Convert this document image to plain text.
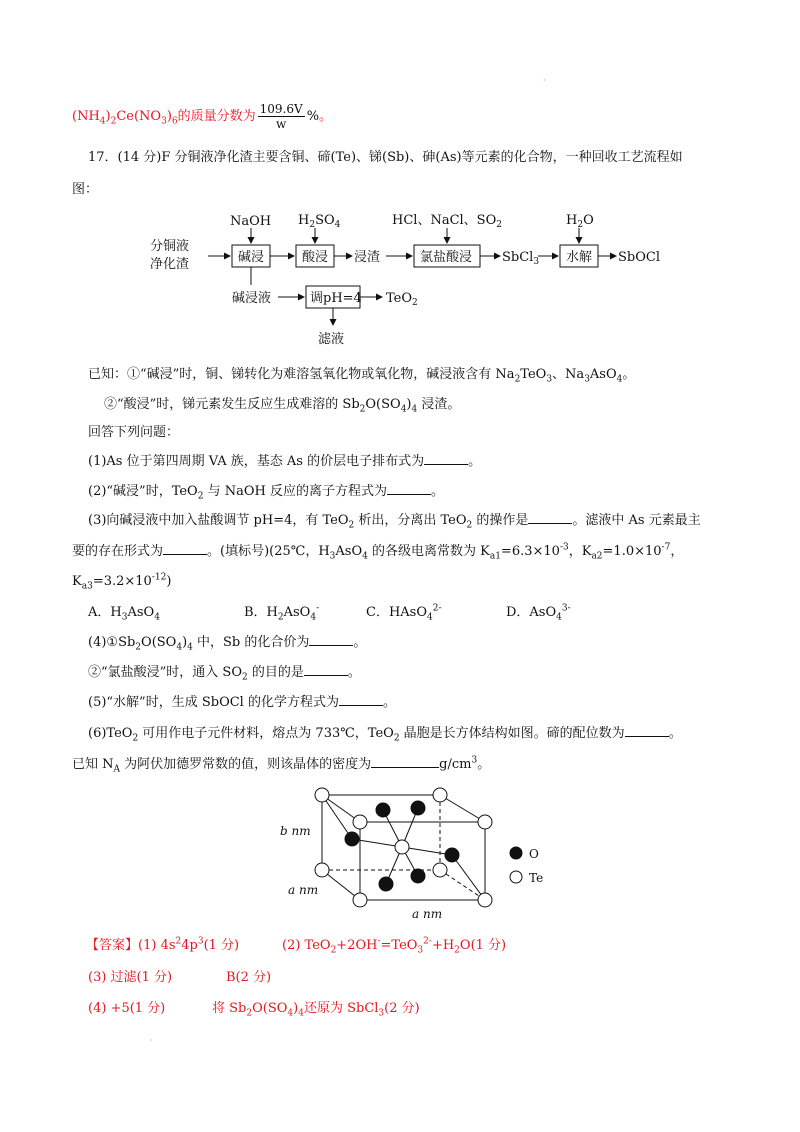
·
$(NH_4)_2Ce(NO_3)_6$的质量分数为 $\frac{109.6V}{w}$ %。
17．(14 分)F 分铜液净化渣主要含铜、碲(Te)、锑(Sb)、砷(As)等元素的化合物，一种回收工艺流程如
图：
分铜液
净化渣	碱浸
NaOH
酸浸
$H_2SO_4$
浸渣	氯盐酸浸
HCl、NaCl、$SO_2$
SbCl$_3$ 水解
$H_2O$
SbOCl
碱浸液	调pH=4 TeO$_2$
滤液
已知：①“碱浸”时，铜、锑转化为难溶氢氧化物或氧化物，碱浸液含有 $Na_2TeO_3$、$Na_3AsO_4$。
②“酸浸”时，锑元素发生反应生成难溶的 $Sb_2O(SO_4)_4$ 浸渣。
回答下列问题：
(1)As 位于第四周期 VA 族，基态 As 的价层电子排布式为	。
(2)“碱浸”时，TeO$_2$ 与 NaOH 反应的离子方程式为	。
(3)向碱浸液中加入盐酸调节 pH=4，有 TeO$_2$ 析出，分离出 TeO$_2$ 的操作是	。滤液中 As 元素最主
要的存在形式为	。(填标号)(25℃，$H_3AsO_4$ 的各级电离常数为 $K_{a1}=6.3\times 10^{-3}$，$K_{a2}=1.0\times 10^{-7}$，
$K_{a3}=3.2\times 10^{-12}$)
A．$H_3AsO_4$	B．$H_2AsO_4^-$	C．HAsO$_4^{2-}$	D．AsO$_4^{3-}$
$(4)①Sb_2O(SO_4)_4$ 中，Sb 的化合价为	。
②“氯盐酸浸”时，通入 $SO_2$ 的目的是	。
(5)“水解”时，生成 SbOCl 的化学方程式为	。
(6)TeO$_2$ 可用作电子元件材料，熔点为 733℃，TeO$_2$ 晶胞是长方体结构如图。碲的配位数为	。
已知 $N_A$ 为阿伏加德罗常数的值，则该晶体的密度为	$g/cm^3$。
b nm
a nm
a nm
O
Te
【答案】(1) $4s^24p^3(1$ 分)	(2) $TeO_2+2OH^-=TeO_3^{2-}+H_2O(1$ 分)
(3) 过滤(1 分)	B(2 分)
(4) +5(1 分)	将 $Sb_2O(SO_4)_4$还原为 SbCl$_3$(2 分)
·
